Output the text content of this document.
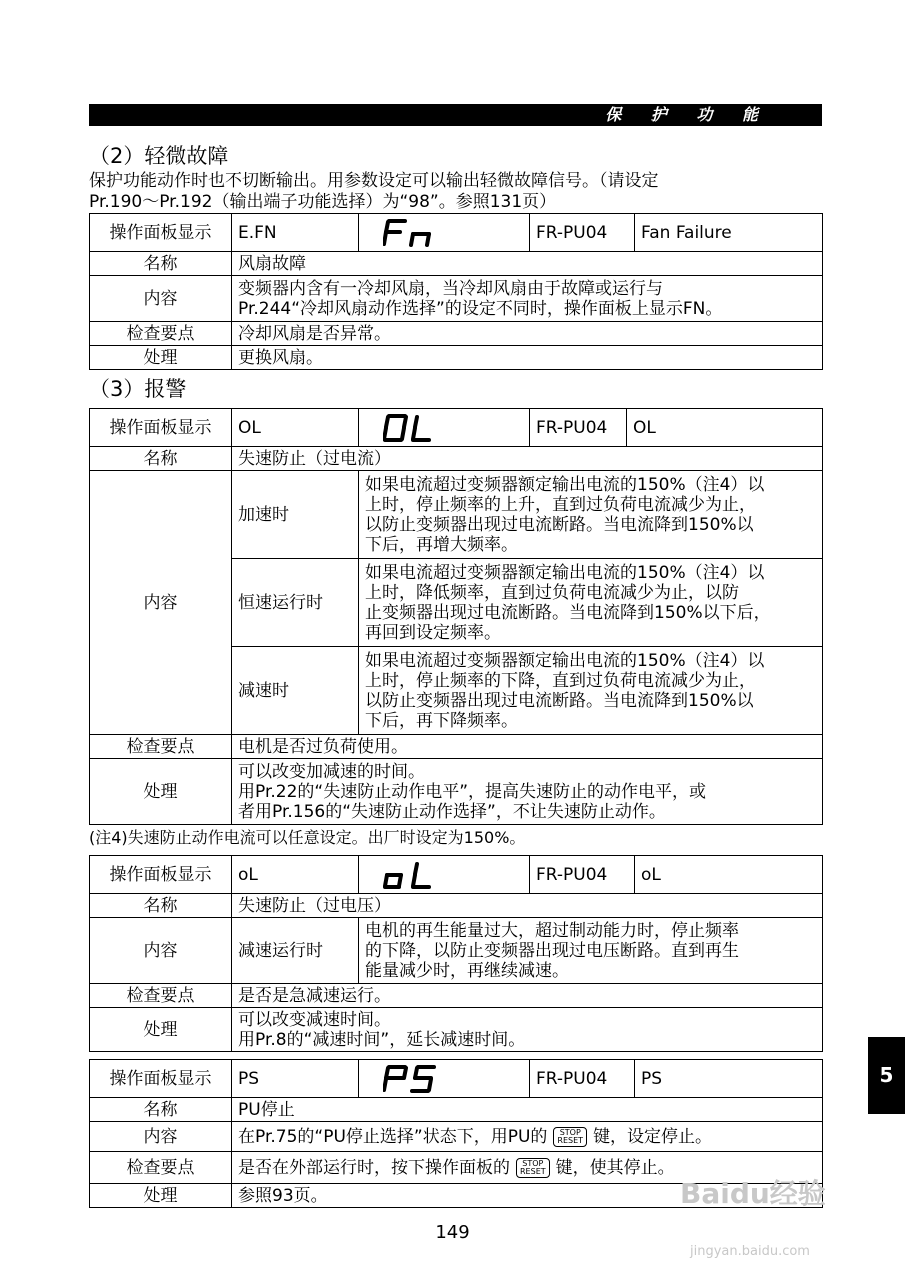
保 护 功 能
（2）轻微故障
保护功能动作时也不切断输出。用参数设定可以输出轻微故障信号。（请设定
Pr.190～Pr.192（输出端子功能选择）为“98”。参照131页）
操作面板显示	E.FN		FR-PU04	Fan Failure
名称	风扇故障			
内容	变频器内含有一冷却风扇，当冷却风扇由于故障或运行与
Pr.244“冷却风扇动作选择”的设定不同时，操作面板上显示FN。			

检查要点	冷却风扇是否异常。			
处理	更换风扇。			
（3）报警
操作面板显示	OL		FR-PU04	OL
名称	失速防止（过电流）			
内容	加速时	如果电流超过变频器额定输出电流的150%（注4）以
上时，停止频率的上升，直到过负荷电流减少为止，
以防止变频器出现过电流断路。当电流降到150%以
下后，再增大频率。		

	恒速运行时	如果电流超过变频器额定输出电流的150%（注4）以
上时，降低频率，直到过负荷电流减少为止，以防
止变频器出现过电流断路。当电流降到150%以下后，
再回到设定频率。		

	减速时	如果电流超过变频器额定输出电流的150%（注4）以
上时，停止频率的下降，直到过负荷电流减少为止，
以防止变频器出现过电流断路。当电流降到150%以
下后，再下降频率。		

检查要点	电机是否过负荷使用。			
处理	可以改变加减速的时间。
用Pr.22的“失速防止动作电平”，提高失速防止的动作电平，或
者用Pr.156的“失速防止动作选择”，不让失速防止动作。			
(注4)失速防止动作电流可以任意设定。出厂时设定为150%。
操作面板显示	oL		FR-PU04	oL
名称	失速防止（过电压）			
内容	减速运行时	电机的再生能量过大，超过制动能力时，停止频率
的下降，以防止变频器出现过电压断路。直到再生
能量减少时，再继续减速。		

检查要点	是否是急减速运行。			
处理	可以改变减速时间。
用Pr.8的“减速时间”，延长减速时间。			
操作面板显示	PS		FR-PU04	PS
名称	PU停止			
内容	在Pr.75的“PU停止选择”状态下，用PU的 STOP
RESET 键，设定停止。			
检查要点	是否在外部运行时，按下操作面板的 STOP
RESET 键，使其停止。			
处理	参照93页。			
5
149
Baidu经验
jingyan.baidu.com
